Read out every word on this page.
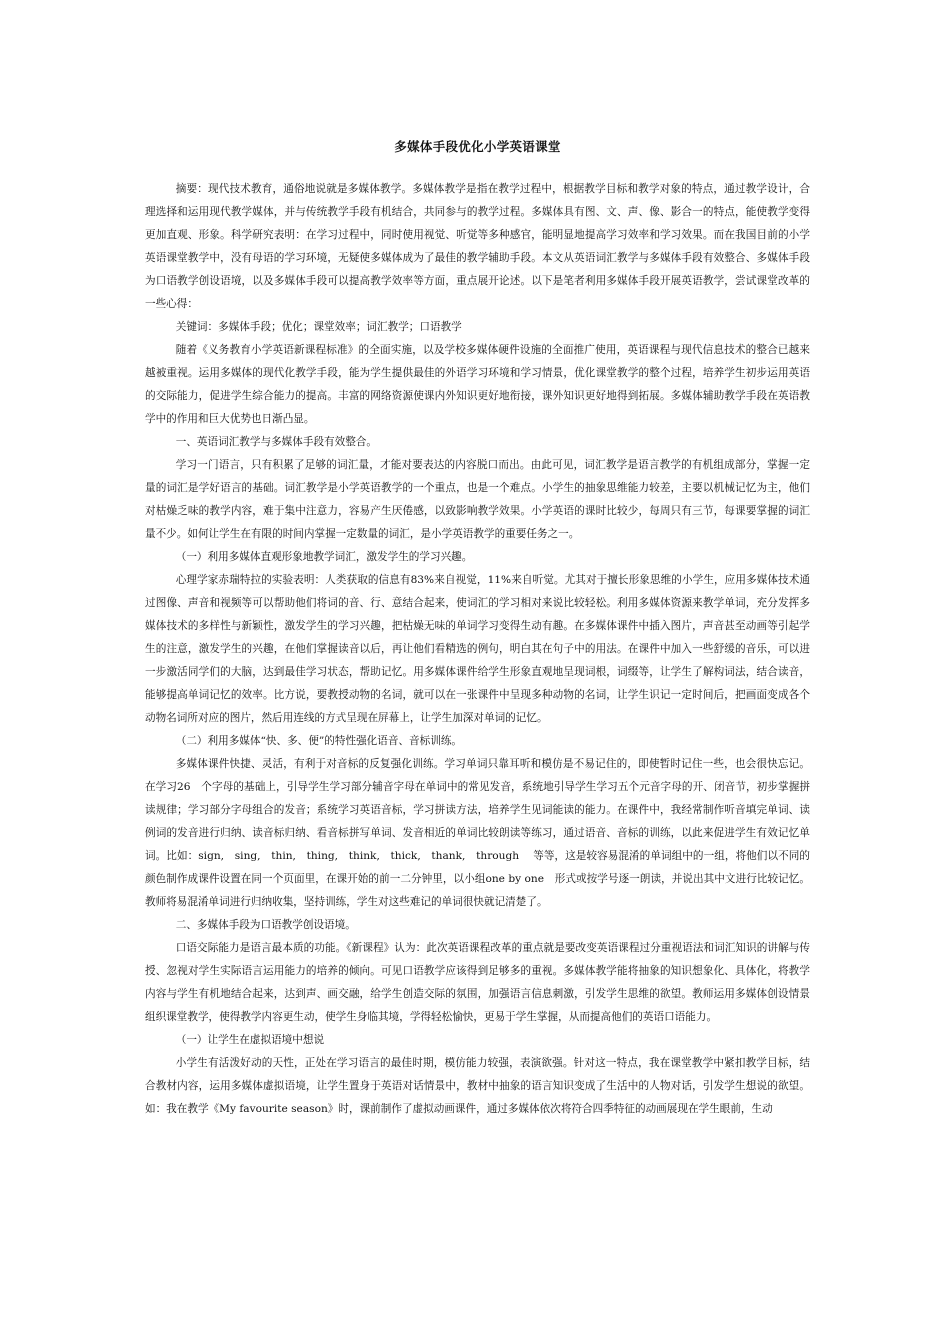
多媒体手段优化小学英语课堂

摘要：现代技术教育，通俗地说就是多媒体教学。多媒体教学是指在教学过程中，根据教学目标和教学对象的特点，通过教学设计，合理选择和运用现代教学媒体，并与传统教学手段有机结合，共同参与的教学过程。多媒体具有图、文、声、像、影合一的特点，能使教学变得更加直观、形象。科学研究表明：在学习过程中，同时使用视觉、听觉等多种感官，能明显地提高学习效率和学习效果。而在我国目前的小学英语课堂教学中，没有母语的学习环境，无疑使多媒体成为了最佳的教学辅助手段。本文从英语词汇教学与多媒体手段有效整合、多媒体手段为口语教学创设语境，以及多媒体手段可以提高教学效率等方面，重点展开论述。以下是笔者利用多媒体手段开展英语教学，尝试课堂改革的一些心得：

关键词：多媒体手段；优化；课堂效率；词汇教学；口语教学

随着《义务教育小学英语新课程标准》的全面实施，以及学校多媒体硬件设施的全面推广使用，英语课程与现代信息技术的整合已越来越被重视。运用多媒体的现代化教学手段，能为学生提供最佳的外语学习环境和学习情景，优化课堂教学的整个过程，培养学生初步运用英语的交际能力，促进学生综合能力的提高。丰富的网络资源使课内外知识更好地衔接，课外知识更好地得到拓展。多媒体辅助教学手段在英语教学中的作用和巨大优势也日渐凸显。

一、英语词汇教学与多媒体手段有效整合。

学习一门语言，只有积累了足够的词汇量，才能对要表达的内容脱口而出。由此可见，词汇教学是语言教学的有机组成部分，掌握一定量的词汇是学好语言的基础。词汇教学是小学英语教学的一个重点，也是一个难点。小学生的抽象思维能力较差，主要以机械记忆为主，他们对枯燥乏味的教学内容，难于集中注意力，容易产生厌倦感，以致影响教学效果。小学英语的课时比较少，每周只有三节，每课要掌握的词汇量不少。如何让学生在有限的时间内掌握一定数量的词汇，是小学英语教学的重要任务之一。

（一）利用多媒体直观形象地教学词汇，激发学生的学习兴趣。

心理学家赤瑞特拉的实验表明：人类获取的信息有83%来自视觉，11%来自听觉。尤其对于擅长形象思维的小学生，应用多媒体技术通过图像、声音和视频等可以帮助他们将词的音、行、意结合起来，使词汇的学习相对来说比较轻松。利用多媒体资源来教学单词，充分发挥多媒体技术的多样性与新颖性，激发学生的学习兴趣，把枯燥无味的单词学习变得生动有趣。在多媒体课件中插入图片，声音甚至动画等引起学生的注意，激发学生的兴趣，在他们掌握读音以后，再让他们看精选的例句，明白其在句子中的用法。在课件中加入一些舒缓的音乐，可以进一步激活同学们的大脑，达到最佳学习状态，帮助记忆。用多媒体课件给学生形象直观地呈现词根，词缀等，让学生了解构词法，结合读音，能够提高单词记忆的效率。比方说，要教授动物的名词，就可以在一张课件中呈现多种动物的名词，让学生识记一定时间后，把画面变成各个动物名词所对应的图片，然后用连线的方式呈现在屏幕上，让学生加深对单词的记忆。

（二）利用多媒体“快、多、便”的特性强化语音、音标训练。

多媒体课件快捷、灵活，有利于对音标的反复强化训练。学习单词只靠耳听和模仿是不易记住的，即使暂时记住一些，也会很快忘记。在学习26　个字母的基础上，引导学生学习部分辅音字母在单词中的常见发音，系统地引导学生学习五个元音字母的开、闭音节，初步掌握拼读规律；学习部分字母组合的发音；系统学习英语音标，学习拼读方法，培养学生见词能读的能力。在课件中，我经常制作听音填完单词、读例词的发音进行归纳、读音标归纳、看音标拼写单词、发音相近的单词比较朗读等练习，通过语音、音标的训练，以此来促进学生有效记忆单词。比如：sign,　sing,　thin,　thing,　think,　thick,　thank,　through　 等等，这是较容易混淆的单词组中的一组，将他们以不同的颜色制作成课件设置在同一个页面里，在课开始的前一二分钟里，以小组one by one　形式或按学号逐一朗读，并说出其中文进行比较记忆。教师将易混淆单词进行归纳收集，坚持训练，学生对这些难记的单词很快就记清楚了。

二、多媒体手段为口语教学创设语境。

口语交际能力是语言最本质的功能。《新课程》认为：此次英语课程改革的重点就是要改变英语课程过分重视语法和词汇知识的讲解与传授、忽视对学生实际语言运用能力的培养的倾向。可见口语教学应该得到足够多的重视。多媒体教学能将抽象的知识想象化、具体化，将教学内容与学生有机地结合起来，达到声、画交融，给学生创造交际的氛围，加强语言信息刺激，引发学生思维的欲望。教师运用多媒体创设情景组织课堂教学，使得教学内容更生动，使学生身临其境，学得轻松愉快，更易于学生掌握，从而提高他们的英语口语能力。

（一）让学生在虚拟语境中想说

小学生有活泼好动的天性，正处在学习语言的最佳时期，模仿能力较强，表演欲强。针对这一特点，我在课堂教学中紧扣教学目标，结合教材内容，运用多媒体虚拟语境，让学生置身于英语对话情景中，教材中抽象的语言知识变成了生活中的人物对话，引发学生想说的欲望。如：我在教学《My favourite season》时，课前制作了虚拟动画课件，通过多媒体依次将符合四季特征的动画展现在学生眼前，生动
